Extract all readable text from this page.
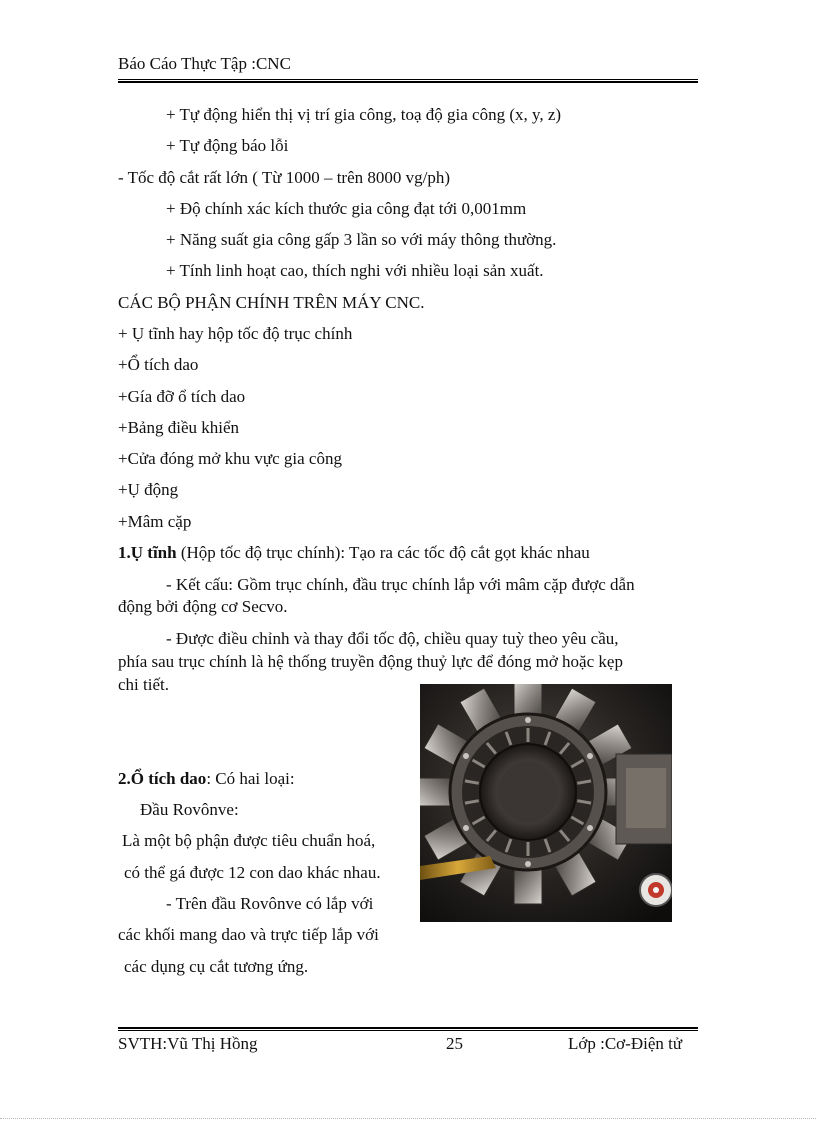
Báo Cáo Thực Tập :CNC
+ Tự động hiển thị vị trí gia công, toạ độ gia công (x, y, z)
+ Tự động báo lỗi
- Tốc độ cắt rất lớn ( Từ 1000 – trên 8000 vg/ph)
+ Độ chính xác kích thước gia công đạt tới 0,001mm
+ Năng suất gia công gấp 3 lần so với máy thông thường.
+ Tính linh hoạt cao, thích nghi với nhiều loại sản xuất.
CÁC BỘ PHẬN CHÍNH TRÊN MÁY CNC.
+ Ụ tĩnh hay hộp tốc độ trục chính
+Ổ tích dao
+Gía đỡ ổ tích dao
+Bảng điều khiển
+Cửa đóng mở khu vực gia công
+Ụ động
+Mâm cặp
1.Ụ tĩnh (Hộp tốc độ trục chính): Tạo ra các tốc độ cắt gọt khác nhau
- Kết cấu: Gồm trục chính, đầu trục chính lắp với mâm cặp được dẫn
động bởi động cơ Secvo.
- Được điều chỉnh và thay đổi tốc độ, chiều quay tuỳ theo yêu cầu,
phía sau trục chính là hệ thống truyền động thuỷ lực để đóng mở hoặc kẹp
chi tiết.
2.Ổ tích dao: Có hai loại:
Đầu Rovônve:
Là một bộ phận được tiêu chuẩn hoá,
có thể gá được 12 con dao khác nhau.
- Trên đầu Rovônve có lắp với
các khối mang dao và trực tiếp lắp với
các dụng cụ cắt tương ứng.
SVTH:Vũ Thị Hồng	25	Lớp :Cơ-Điện tử
